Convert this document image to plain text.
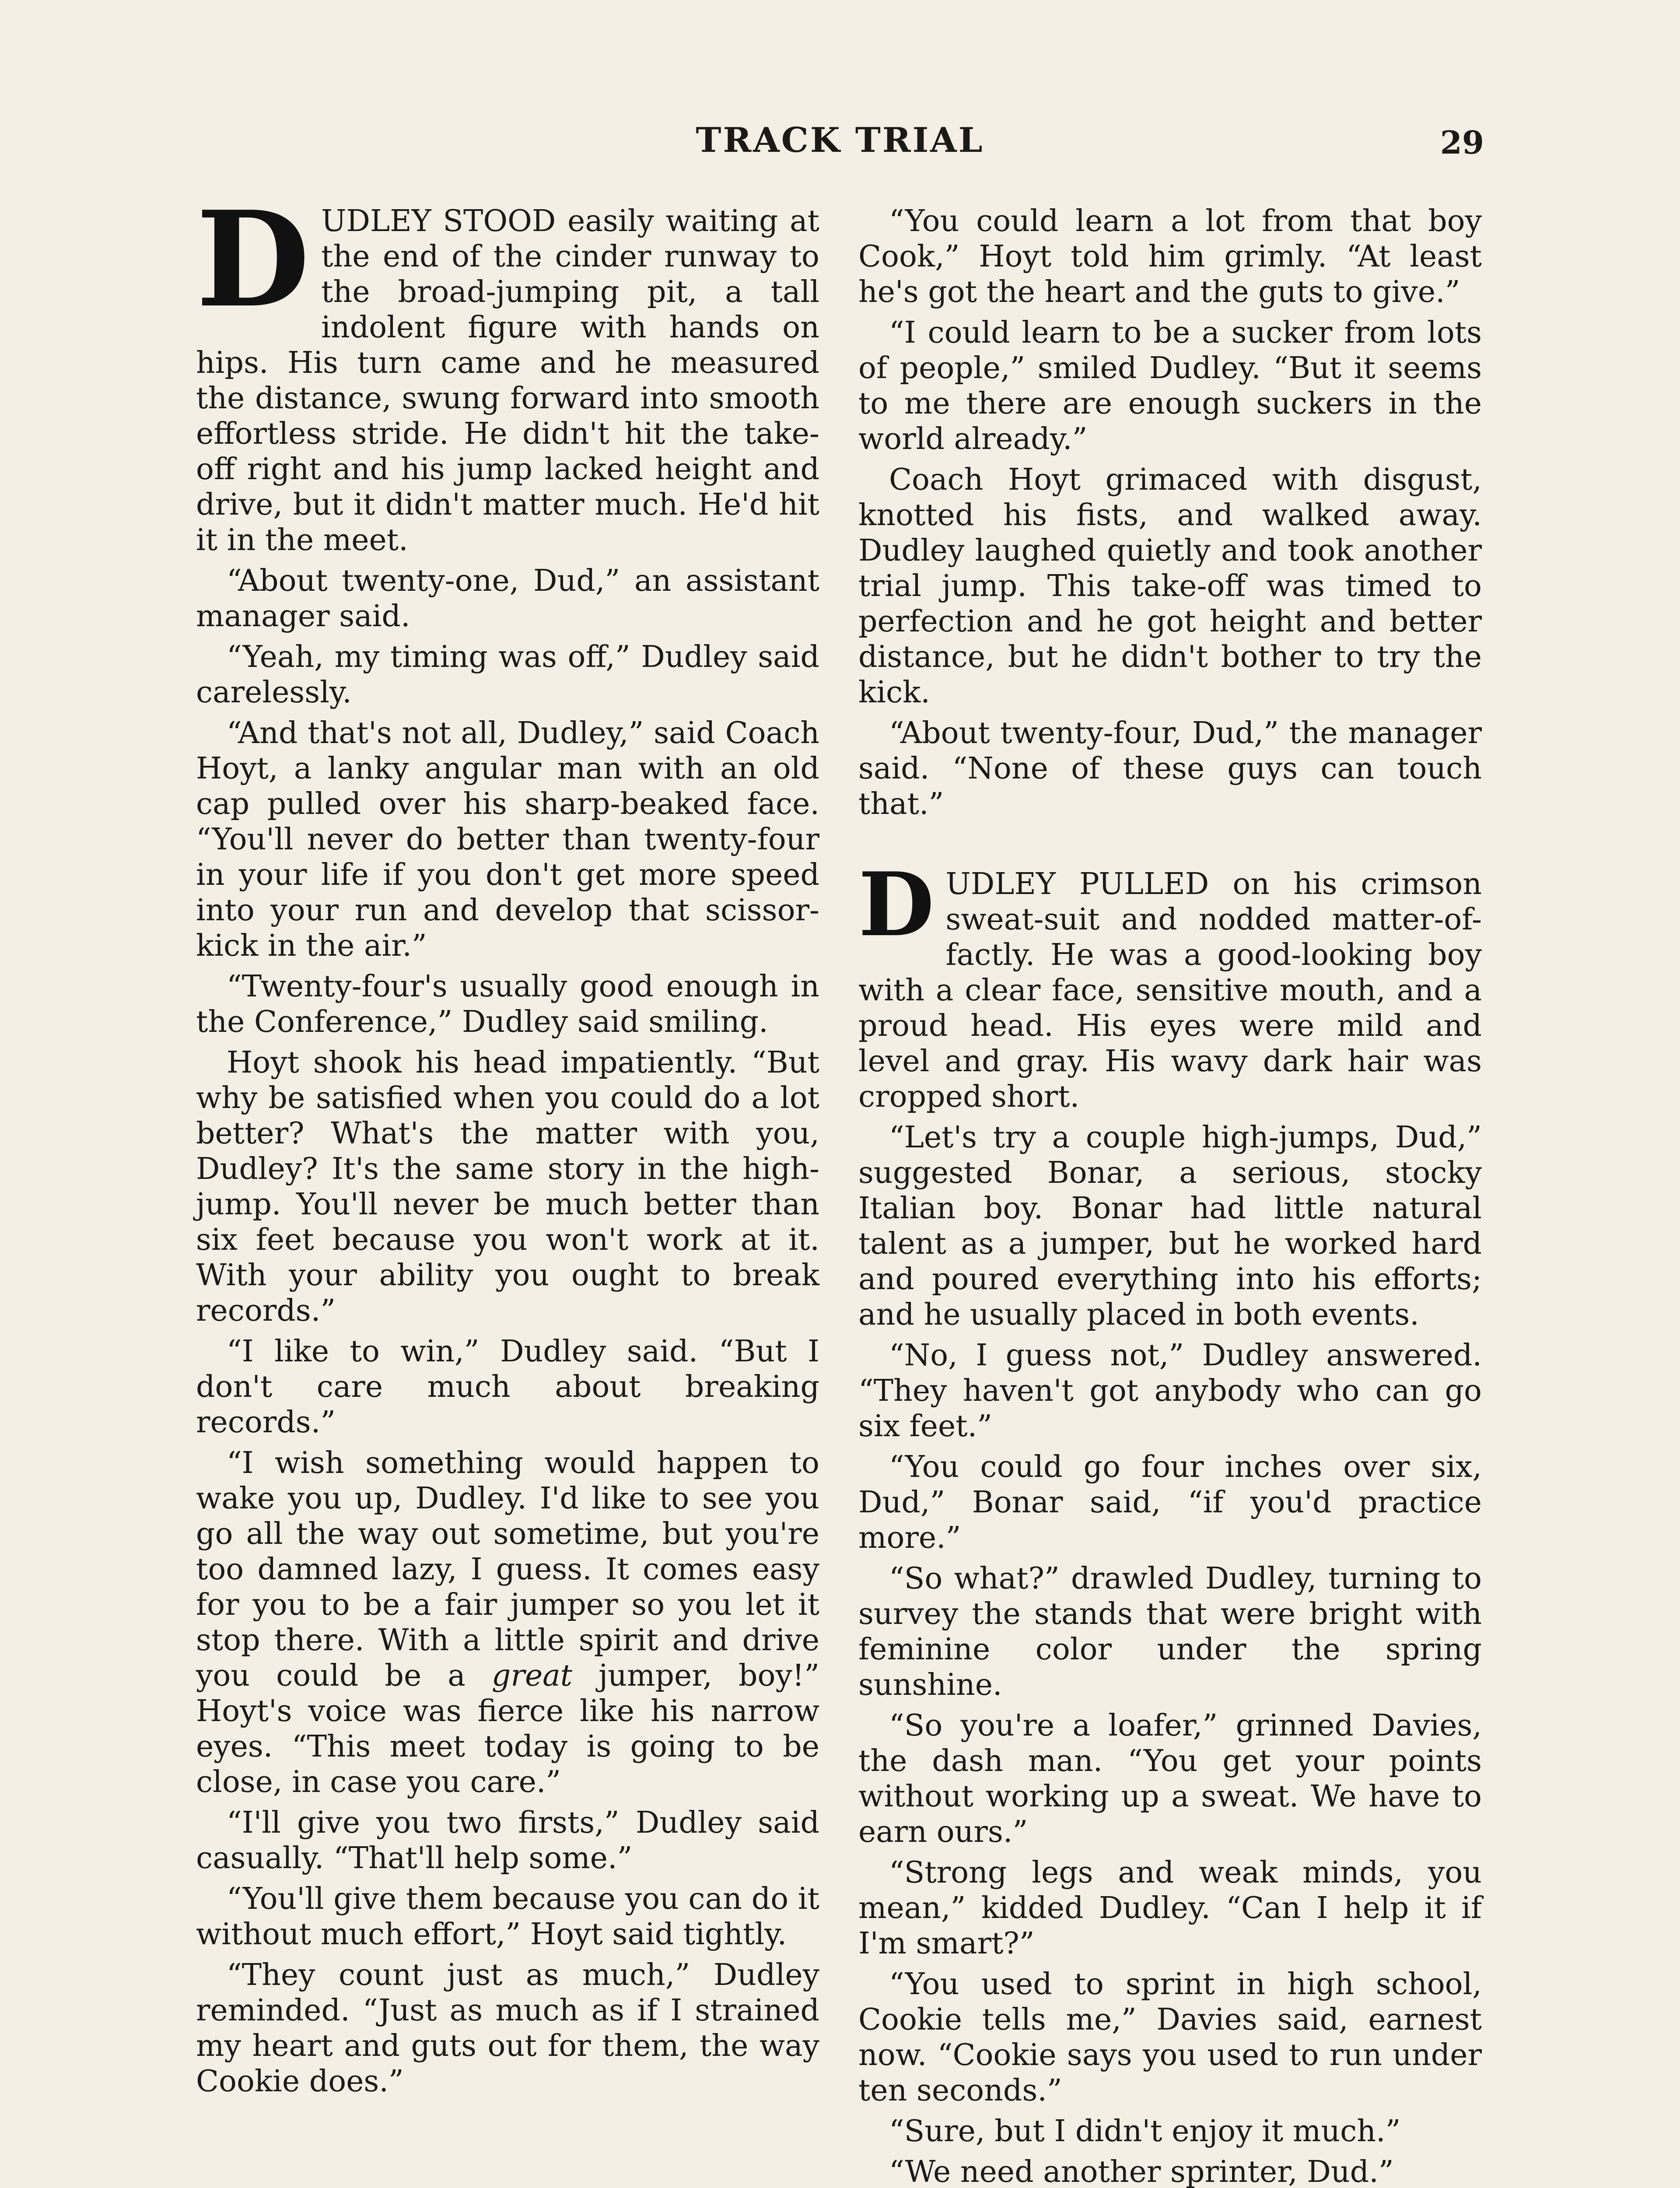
TRACK TRIAL	29

DUDLEY STOOD easily waiting at the end of the cinder runway to the broad-jumping pit, a tall indolent figure with hands on hips. His turn came and he measured the distance, swung forward into smooth effortless stride. He didn't hit the take-off right and his jump lacked height and drive, but it didn't matter much. He'd hit it in the meet.

“About twenty-one, Dud,” an assistant manager said.

“Yeah, my timing was off,” Dudley said carelessly.

“And that's not all, Dudley,” said Coach Hoyt, a lanky angular man with an old cap pulled over his sharp-beaked face. “You'll never do better than twenty-four in your life if you don't get more speed into your run and develop that scissor-kick in the air.”

“Twenty-four's usually good enough in the Conference,” Dudley said smiling.

Hoyt shook his head impatiently. “But why be satisfied when you could do a lot better? What's the matter with you, Dudley? It's the same story in the high-jump. You'll never be much better than six feet because you won't work at it. With your ability you ought to break records.”

“I like to win,” Dudley said. “But I don't care much about breaking records.”

“I wish something would happen to wake you up, Dudley. I'd like to see you go all the way out sometime, but you're too damned lazy, I guess. It comes easy for you to be a fair jumper so you let it stop there. With a little spirit and drive you could be a great jumper, boy!” Hoyt's voice was fierce like his narrow eyes. “This meet today is going to be close, in case you care.”

“I'll give you two firsts,” Dudley said casually. “That'll help some.”

“You'll give them because you can do it without much effort,” Hoyt said tightly.

“They count just as much,” Dudley reminded. “Just as much as if I strained my heart and guts out for them, the way Cookie does.”

“You could learn a lot from that boy Cook,” Hoyt told him grimly. “At least he's got the heart and the guts to give.”

“I could learn to be a sucker from lots of people,” smiled Dudley. “But it seems to me there are enough suckers in the world already.”

Coach Hoyt grimaced with disgust, knotted his fists, and walked away. Dudley laughed quietly and took another trial jump. This take-off was timed to perfection and he got height and better distance, but he didn't bother to try the kick.

“About twenty-four, Dud,” the manager said. “None of these guys can touch that.”

DUDLEY PULLED on his crimson sweat-suit and nodded matter-of-factly. He was a good-looking boy with a clear face, sensitive mouth, and a proud head. His eyes were mild and level and gray. His wavy dark hair was cropped short.

“Let's try a couple high-jumps, Dud,” suggested Bonar, a serious, stocky Italian boy. Bonar had little natural talent as a jumper, but he worked hard and poured everything into his efforts; and he usually placed in both events.

“No, I guess not,” Dudley answered. “They haven't got anybody who can go six feet.”

“You could go four inches over six, Dud,” Bonar said, “if you'd practice more.”

“So what?” drawled Dudley, turning to survey the stands that were bright with feminine color under the spring sunshine.

“So you're a loafer,” grinned Davies, the dash man. “You get your points without working up a sweat. We have to earn ours.”

“Strong legs and weak minds, you mean,” kidded Dudley. “Can I help it if I'm smart?”

“You used to sprint in high school, Cookie tells me,” Davies said, earnest now. “Cookie says you used to run under ten seconds.”

“Sure, but I didn't enjoy it much.”

“We need another sprinter, Dud.”
